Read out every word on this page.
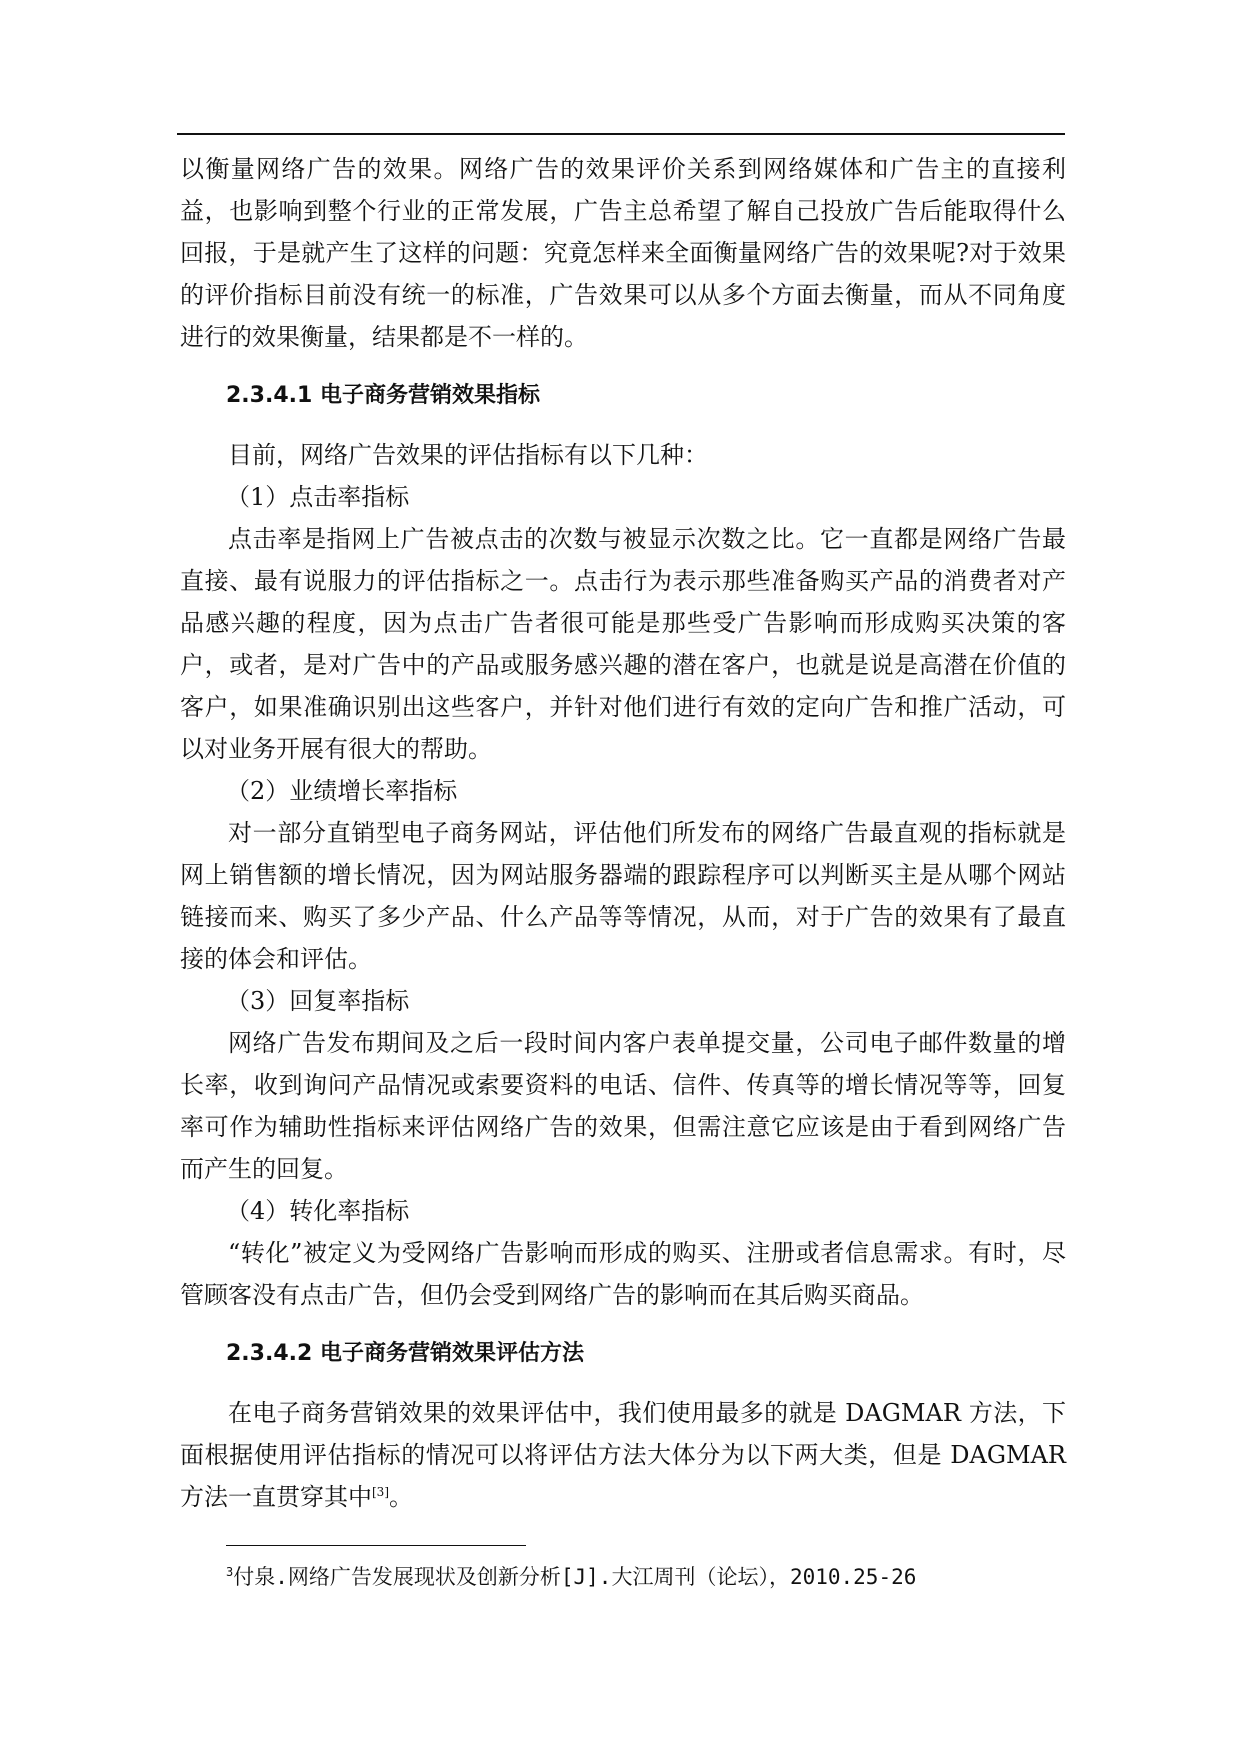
以衡量网络广告的效果。网络广告的效果评价关系到网络媒体和广告主的直接利益，也影响到整个行业的正常发展，广告主总希望了解自己投放广告后能取得什么回报，于是就产生了这样的问题：究竟怎样来全面衡量网络广告的效果呢?对于效果的评价指标目前没有统一的标准，广告效果可以从多个方面去衡量，而从不同角度进行的效果衡量，结果都是不一样的。

2.3.4.1 电子商务营销效果指标

目前，网络广告效果的评估指标有以下几种：

（1）点击率指标

点击率是指网上广告被点击的次数与被显示次数之比。它一直都是网络广告最直接、最有说服力的评估指标之一。点击行为表示那些准备购买产品的消费者对产品感兴趣的程度，因为点击广告者很可能是那些受广告影响而形成购买决策的客户，或者，是对广告中的产品或服务感兴趣的潜在客户，也就是说是高潜在价值的客户，如果准确识别出这些客户，并针对他们进行有效的定向广告和推广活动，可以对业务开展有很大的帮助。

（2）业绩增长率指标

对一部分直销型电子商务网站，评估他们所发布的网络广告最直观的指标就是网上销售额的增长情况，因为网站服务器端的跟踪程序可以判断买主是从哪个网站链接而来、购买了多少产品、什么产品等等情况，从而，对于广告的效果有了最直接的体会和评估。

（3）回复率指标

网络广告发布期间及之后一段时间内客户表单提交量，公司电子邮件数量的增长率，收到询问产品情况或索要资料的电话、信件、传真等的增长情况等等，回复率可作为辅助性指标来评估网络广告的效果，但需注意它应该是由于看到网络广告而产生的回复。

（4）转化率指标

“转化”被定义为受网络广告影响而形成的购买、注册或者信息需求。有时，尽管顾客没有点击广告，但仍会受到网络广告的影响而在其后购买商品。

2.3.4.2 电子商务营销效果评估方法

在电子商务营销效果的效果评估中，我们使用最多的就是 DAGMAR 方法，下面根据使用评估指标的情况可以将评估方法大体分为以下两大类，但是 DAGMAR 方法一直贯穿其中[3]。

$^3$付泉.网络广告发展现状及创新分析[J].大江周刊（论坛），2010.25-26
